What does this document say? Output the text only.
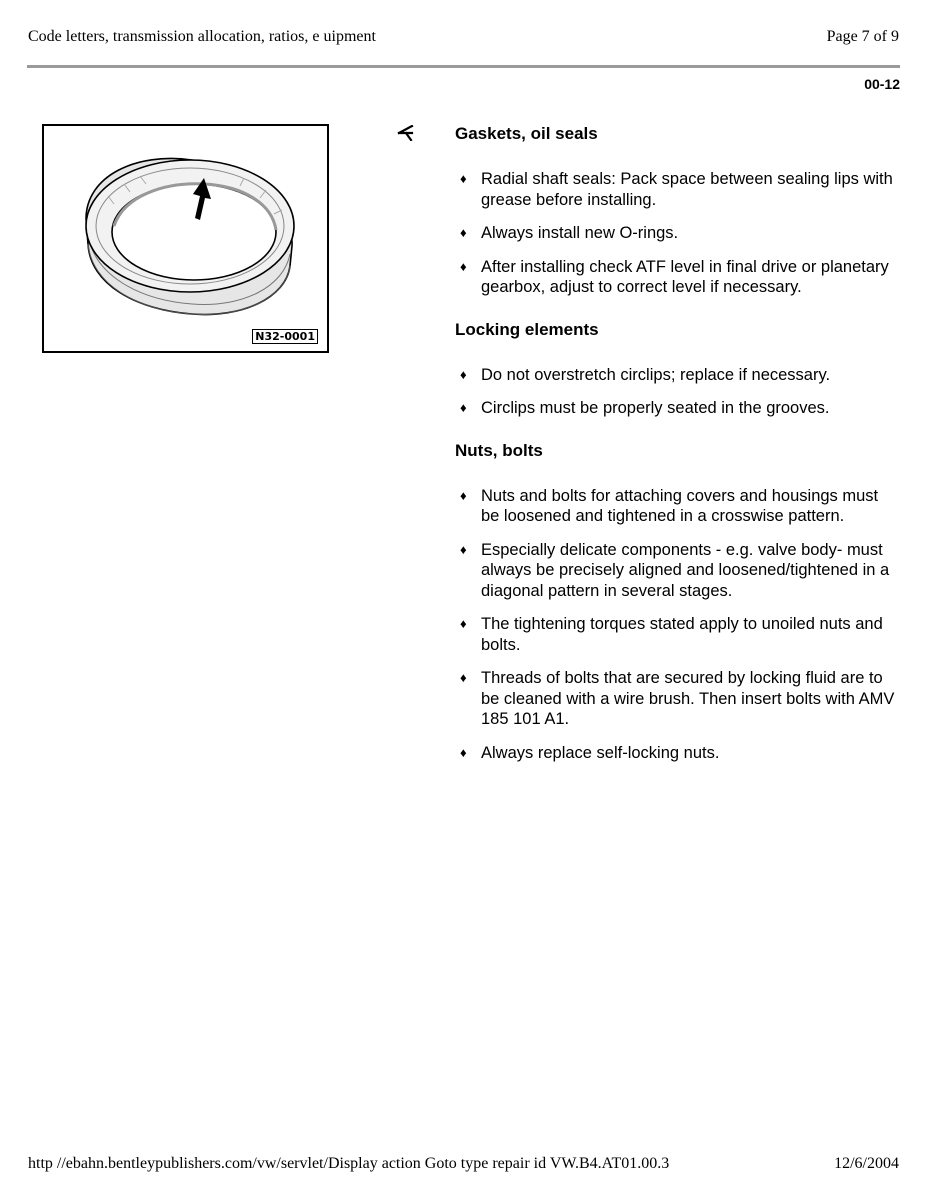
Code letters, transmission allocation, ratios, e uipment	Page 7 of 9
00-12
N32-0001
Gaskets, oil seals
♦ Radial shaft seals: Pack space between sealing lips with grease before installing.
♦ Always install new O-rings.
♦ After installing check ATF level in final drive or planetary gearbox, adjust to correct level if necessary.
Locking elements
♦ Do not overstretch circlips; replace if necessary.
♦ Circlips must be properly seated in the grooves.
Nuts, bolts
♦ Nuts and bolts for attaching covers and housings must be loosened and tightened in a crosswise pattern.
♦ Especially delicate components - e.g. valve body- must always be precisely aligned and loosened/tightened in a diagonal pattern in several stages.
♦ The tightening torques stated apply to unoiled nuts and bolts.
♦ Threads of bolts that are secured by locking fluid are to be cleaned with a wire brush. Then insert bolts with AMV 185 101 A1.
♦ Always replace self-locking nuts.
http //ebahn.bentleypublishers.com/vw/servlet/Display action Goto type repair id VW.B4.AT01.00.3	12/6/2004
